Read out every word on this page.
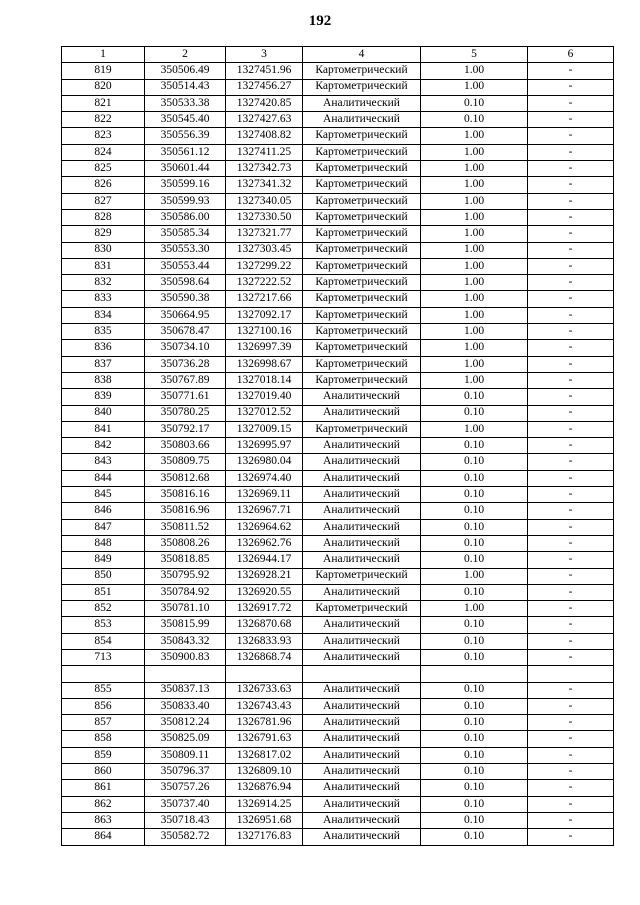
192
1	2	3	4	5	6
819	350506.49	1327451.96	Картометрический	1.00	-
820	350514.43	1327456.27	Картометрический	1.00	-
821	350533.38	1327420.85	Аналитический	0.10	-
822	350545.40	1327427.63	Аналитический	0.10	-
823	350556.39	1327408.82	Картометрический	1.00	-
824	350561.12	1327411.25	Картометрический	1.00	-
825	350601.44	1327342.73	Картометрический	1.00	-
826	350599.16	1327341.32	Картометрический	1.00	-
827	350599.93	1327340.05	Картометрический	1.00	-
828	350586.00	1327330.50	Картометрический	1.00	-
829	350585.34	1327321.77	Картометрический	1.00	-
830	350553.30	1327303.45	Картометрический	1.00	-
831	350553.44	1327299.22	Картометрический	1.00	-
832	350598.64	1327222.52	Картометрический	1.00	-
833	350590.38	1327217.66	Картометрический	1.00	-
834	350664.95	1327092.17	Картометрический	1.00	-
835	350678.47	1327100.16	Картометрический	1.00	-
836	350734.10	1326997.39	Картометрический	1.00	-
837	350736.28	1326998.67	Картометрический	1.00	-
838	350767.89	1327018.14	Картометрический	1.00	-
839	350771.61	1327019.40	Аналитический	0.10	-
840	350780.25	1327012.52	Аналитический	0.10	-
841	350792.17	1327009.15	Картометрический	1.00	-
842	350803.66	1326995.97	Аналитический	0.10	-
843	350809.75	1326980.04	Аналитический	0.10	-
844	350812.68	1326974.40	Аналитический	0.10	-
845	350816.16	1326969.11	Аналитический	0.10	-
846	350816.96	1326967.71	Аналитический	0.10	-
847	350811.52	1326964.62	Аналитический	0.10	-
848	350808.26	1326962.76	Аналитический	0.10	-
849	350818.85	1326944.17	Аналитический	0.10	-
850	350795.92	1326928.21	Картометрический	1.00	-
851	350784.92	1326920.55	Аналитический	0.10	-
852	350781.10	1326917.72	Картометрический	1.00	-
853	350815.99	1326870.68	Аналитический	0.10	-
854	350843.32	1326833.93	Аналитический	0.10	-
713	350900.83	1326868.74	Аналитический	0.10	-

855	350837.13	1326733.63	Аналитический	0.10	-
856	350833.40	1326743.43	Аналитический	0.10	-
857	350812.24	1326781.96	Аналитический	0.10	-
858	350825.09	1326791.63	Аналитический	0.10	-
859	350809.11	1326817.02	Аналитический	0.10	-
860	350796.37	1326809.10	Аналитический	0.10	-
861	350757.26	1326876.94	Аналитический	0.10	-
862	350737.40	1326914.25	Аналитический	0.10	-
863	350718.43	1326951.68	Аналитический	0.10	-
864	350582.72	1327176.83	Аналитический	0.10	-
